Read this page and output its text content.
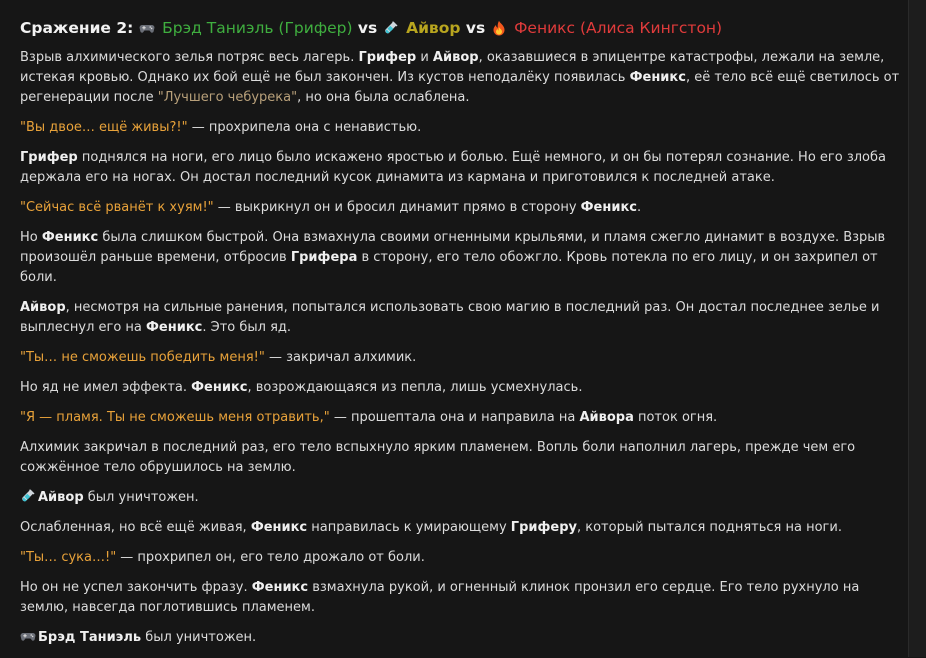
Сражение 2: Брэд Таниэль (Грифер) vs Айвор vs Феникс (Алиса Кингстон)

Взрыв алхимического зелья потряс весь лагерь. Грифер и Айвор, оказавшиеся в эпицентре катастрофы, лежали на земле, истекая кровью. Однако их бой ещё не был закончен. Из кустов неподалёку появилась Феникс, её тело всё ещё светилось от регенерации после "Лучшего чебурека", но она была ослаблена.

"Вы двое… ещё живы?!" — прохрипела она с ненавистью.

Грифер поднялся на ноги, его лицо было искажено яростью и болью. Ещё немного, и он бы потерял сознание. Но его злоба держала его на ногах. Он достал последний кусок динамита из кармана и приготовился к последней атаке.

"Сейчас всё рванёт к хуям!" — выкрикнул он и бросил динамит прямо в сторону Феникс.

Но Феникс была слишком быстрой. Она взмахнула своими огненными крыльями, и пламя сжегло динамит в воздухе. Взрыв произошёл раньше времени, отбросив Грифера в сторону, его тело обожгло. Кровь потекла по его лицу, и он захрипел от боли.

Айвор, несмотря на сильные ранения, попытался использовать свою магию в последний раз. Он достал последнее зелье и выплеснул его на Феникс. Это был яд.

"Ты… не сможешь победить меня!" — закричал алхимик.

Но яд не имел эффекта. Феникс, возрождающаяся из пепла, лишь усмехнулась.

"Я — пламя. Ты не сможешь меня отравить," — прошептала она и направила на Айвора поток огня.

Алхимик закричал в последний раз, его тело вспыхнуло ярким пламенем. Вопль боли наполнил лагерь, прежде чем его сожжённое тело обрушилось на землю.

Айвор был уничтожен.

Ослабленная, но всё ещё живая, Феникс направилась к умирающему Гриферу, который пытался подняться на ноги.

"Ты… сука…!" — прохрипел он, его тело дрожало от боли.

Но он не успел закончить фразу. Феникс взмахнула рукой, и огненный клинок пронзил его сердце. Его тело рухнуло на землю, навсегда поглотившись пламенем.

Брэд Таниэль был уничтожен.
